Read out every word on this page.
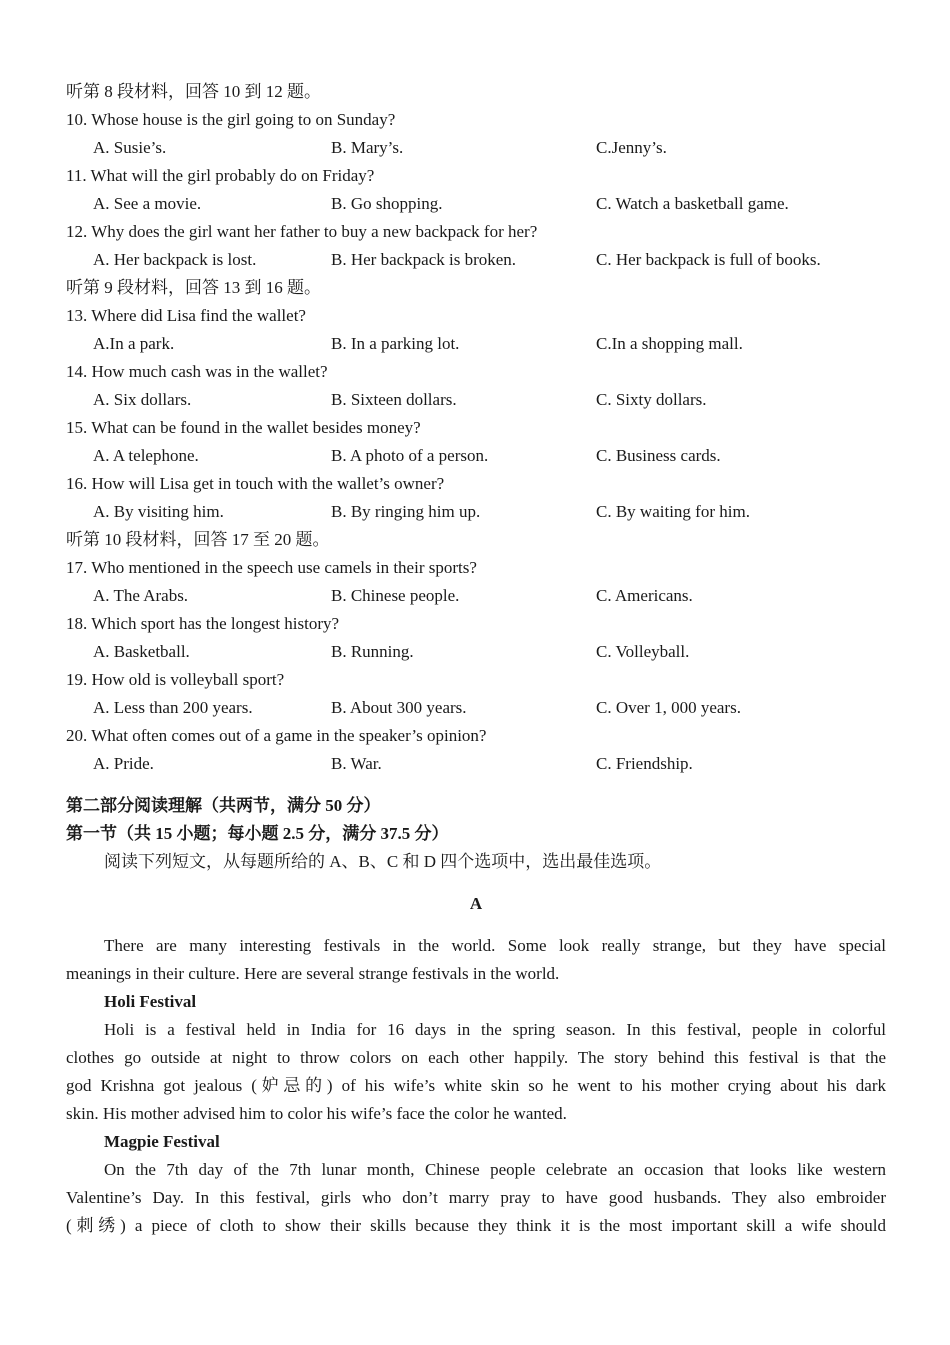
听第 8 段材料，回答 10 到 12 题。
10. Whose house is the girl going to on Sunday?
A. Susie’s.	B. Mary’s.	C.Jenny’s.
11. What will the girl probably do on Friday?
A. See a movie.	B. Go shopping.	C. Watch a basketball game.
12. Why does the girl want her father to buy a new backpack for her?
A. Her backpack is lost.	B. Her backpack is broken.	C. Her backpack is full of books.
听第 9 段材料，回答 13 到 16 题。
13. Where did Lisa find the wallet?
A.In a park.	B. In a parking lot.	C.In a shopping mall.
14. How much cash was in the wallet?
A. Six dollars.	B. Sixteen dollars.	C. Sixty dollars.
15. What can be found in the wallet besides money?
A. A telephone.	B. A photo of a person.	C. Business cards.
16. How will Lisa get in touch with the wallet’s owner?
A. By visiting him.	B. By ringing him up.	C. By waiting for him.
听第 10 段材料，回答 17 至 20 题。
17. Who mentioned in the speech use camels in their sports?
A. The Arabs.	B. Chinese people.	C. Americans.
18. Which sport has the longest history?
A. Basketball.	B. Running.	C. Volleyball.
19. How old is volleyball sport?
A. Less than 200 years.	B. About 300 years.	C. Over 1, 000 years.
20. What often comes out of a game in the speaker’s opinion?
A. Pride.	B. War.	C. Friendship.
第二部分阅读理解（共两节，满分 50 分）
第一节（共 15 小题；每小题 2.5 分，满分 37.5 分）
阅读下列短文，从每题所给的 A、B、C 和 D 四个选项中，选出最佳选项。
A
There are many interesting festivals in the world. Some look really strange, but they have special
meanings in their culture. Here are several strange festivals in the world.
Holi Festival
Holi is a festival held in India for 16 days in the spring season. In this festival, people in colorful
clothes go outside at night to throw colors on each other happily. The story behind this festival is that the
god Krishna got jealous (妒忌的) of his wife’s white skin so he went to his mother crying about his dark
skin. His mother advised him to color his wife’s face the color he wanted.
Magpie Festival
On the 7th day of the 7th lunar month, Chinese people celebrate an occasion that looks like western
Valentine’s Day. In this festival, girls who don’t marry pray to have good husbands. They also embroider
(刺绣) a piece of cloth to show their skills because they think it is the most important skill a wife should
